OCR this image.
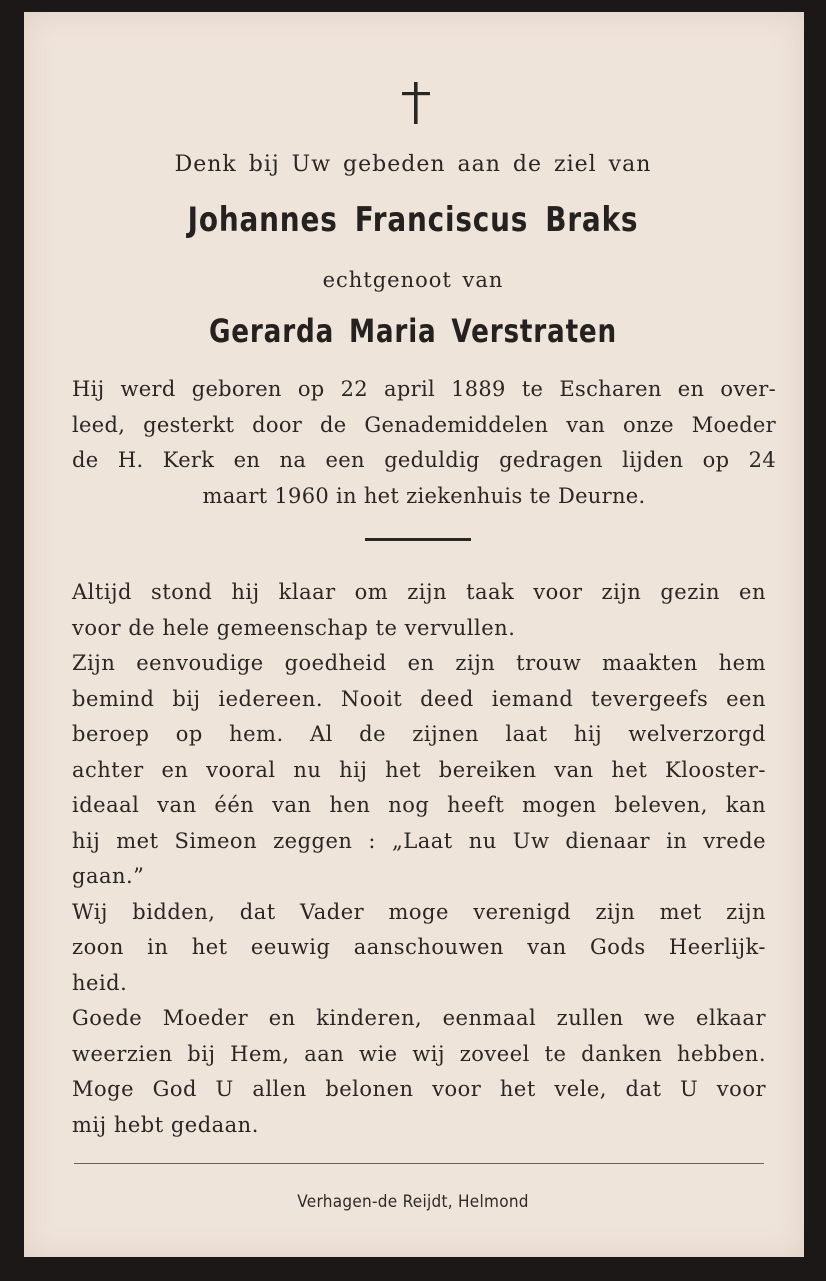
Denk bij Uw gebeden aan de ziel van
Johannes Franciscus Braks
echtgenoot van
Gerarda Maria Verstraten
Hij werd geboren op 22 april 1889 te Escharen en over-
leed, gesterkt door de Genademiddelen van onze Moeder
de H. Kerk en na een geduldig gedragen lijden op 24
maart 1960 in het ziekenhuis te Deurne.
Altijd stond hij klaar om zijn taak voor zijn gezin en
voor de hele gemeenschap te vervullen.
Zijn eenvoudige goedheid en zijn trouw maakten hem
bemind bij iedereen. Nooit deed iemand tevergeefs een
beroep op hem. Al de zijnen laat hij welverzorgd
achter en vooral nu hij het bereiken van het Klooster-
ideaal van één van hen nog heeft mogen beleven, kan
hij met Simeon zeggen : „Laat nu Uw dienaar in vrede
gaan.”
Wij bidden, dat Vader moge verenigd zijn met zijn
zoon in het eeuwig aanschouwen van Gods Heerlijk-
heid.
Goede Moeder en kinderen, eenmaal zullen we elkaar
weerzien bij Hem, aan wie wij zoveel te danken hebben.
Moge God U allen belonen voor het vele, dat U voor
mij hebt gedaan.
Verhagen-de Reijdt, Helmond
